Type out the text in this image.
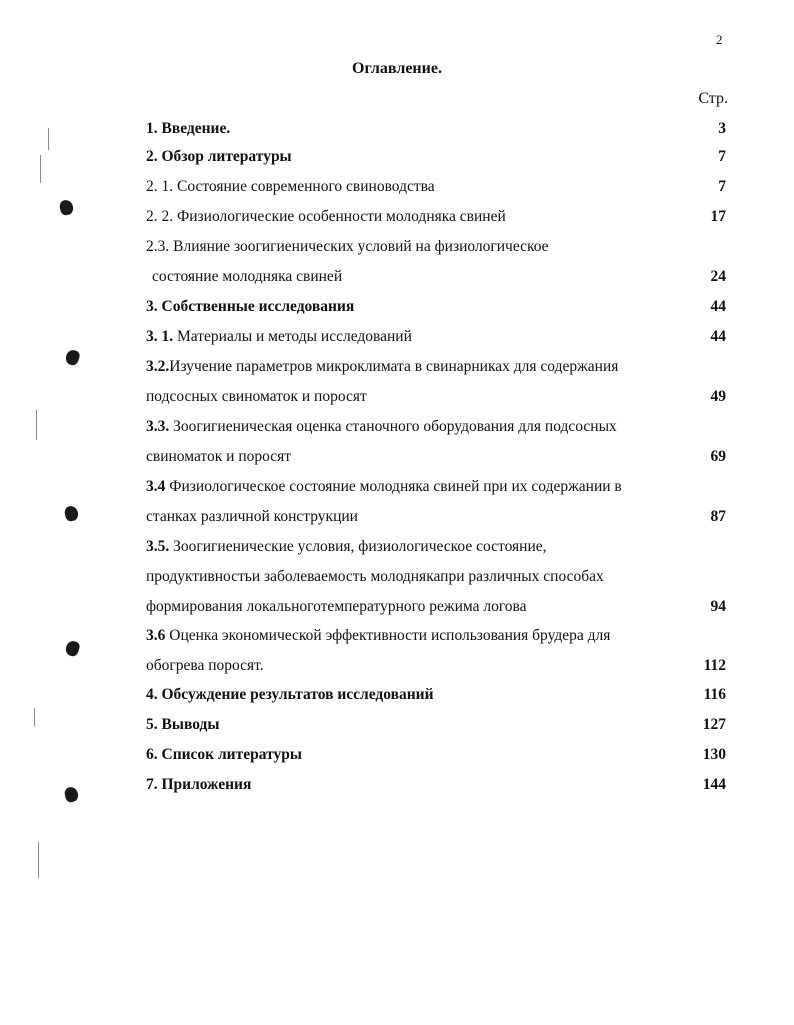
2
Оглавление.
Стр.
1. Введение.	3
2. Обзор литературы	7
2. 1. Состояние современного свиноводства	7
2. 2. Физиологические особенности молодняка свиней	17
2.3. Влияние зоогигиенических условий на физиологическое
состояние молодняка свиней	24
3. Собственные исследования	44
3. 1. Материалы и методы исследований	44
3.2.Изучение параметров микроклимата в свинарниках для содержания
подсосных свиноматок и поросят	49
3.3. Зоогигиеническая оценка станочного оборудования для подсосных
свиноматок и поросят	69
3.4 Физиологическое состояние молодняка свиней при их содержании в
станках различной конструкции	87
3.5. Зоогигиенические условия, физиологическое состояние,
продуктивностьи заболеваемость молоднякапри различных способах
формирования локальноготемпературного режима логова	94
3.6 Оценка экономической эффективности использования брудера для
обогрева поросят.	112
4. Обсуждение результатов исследований	116
5. Выводы	127
6. Список литературы	130
7. Приложения	144
